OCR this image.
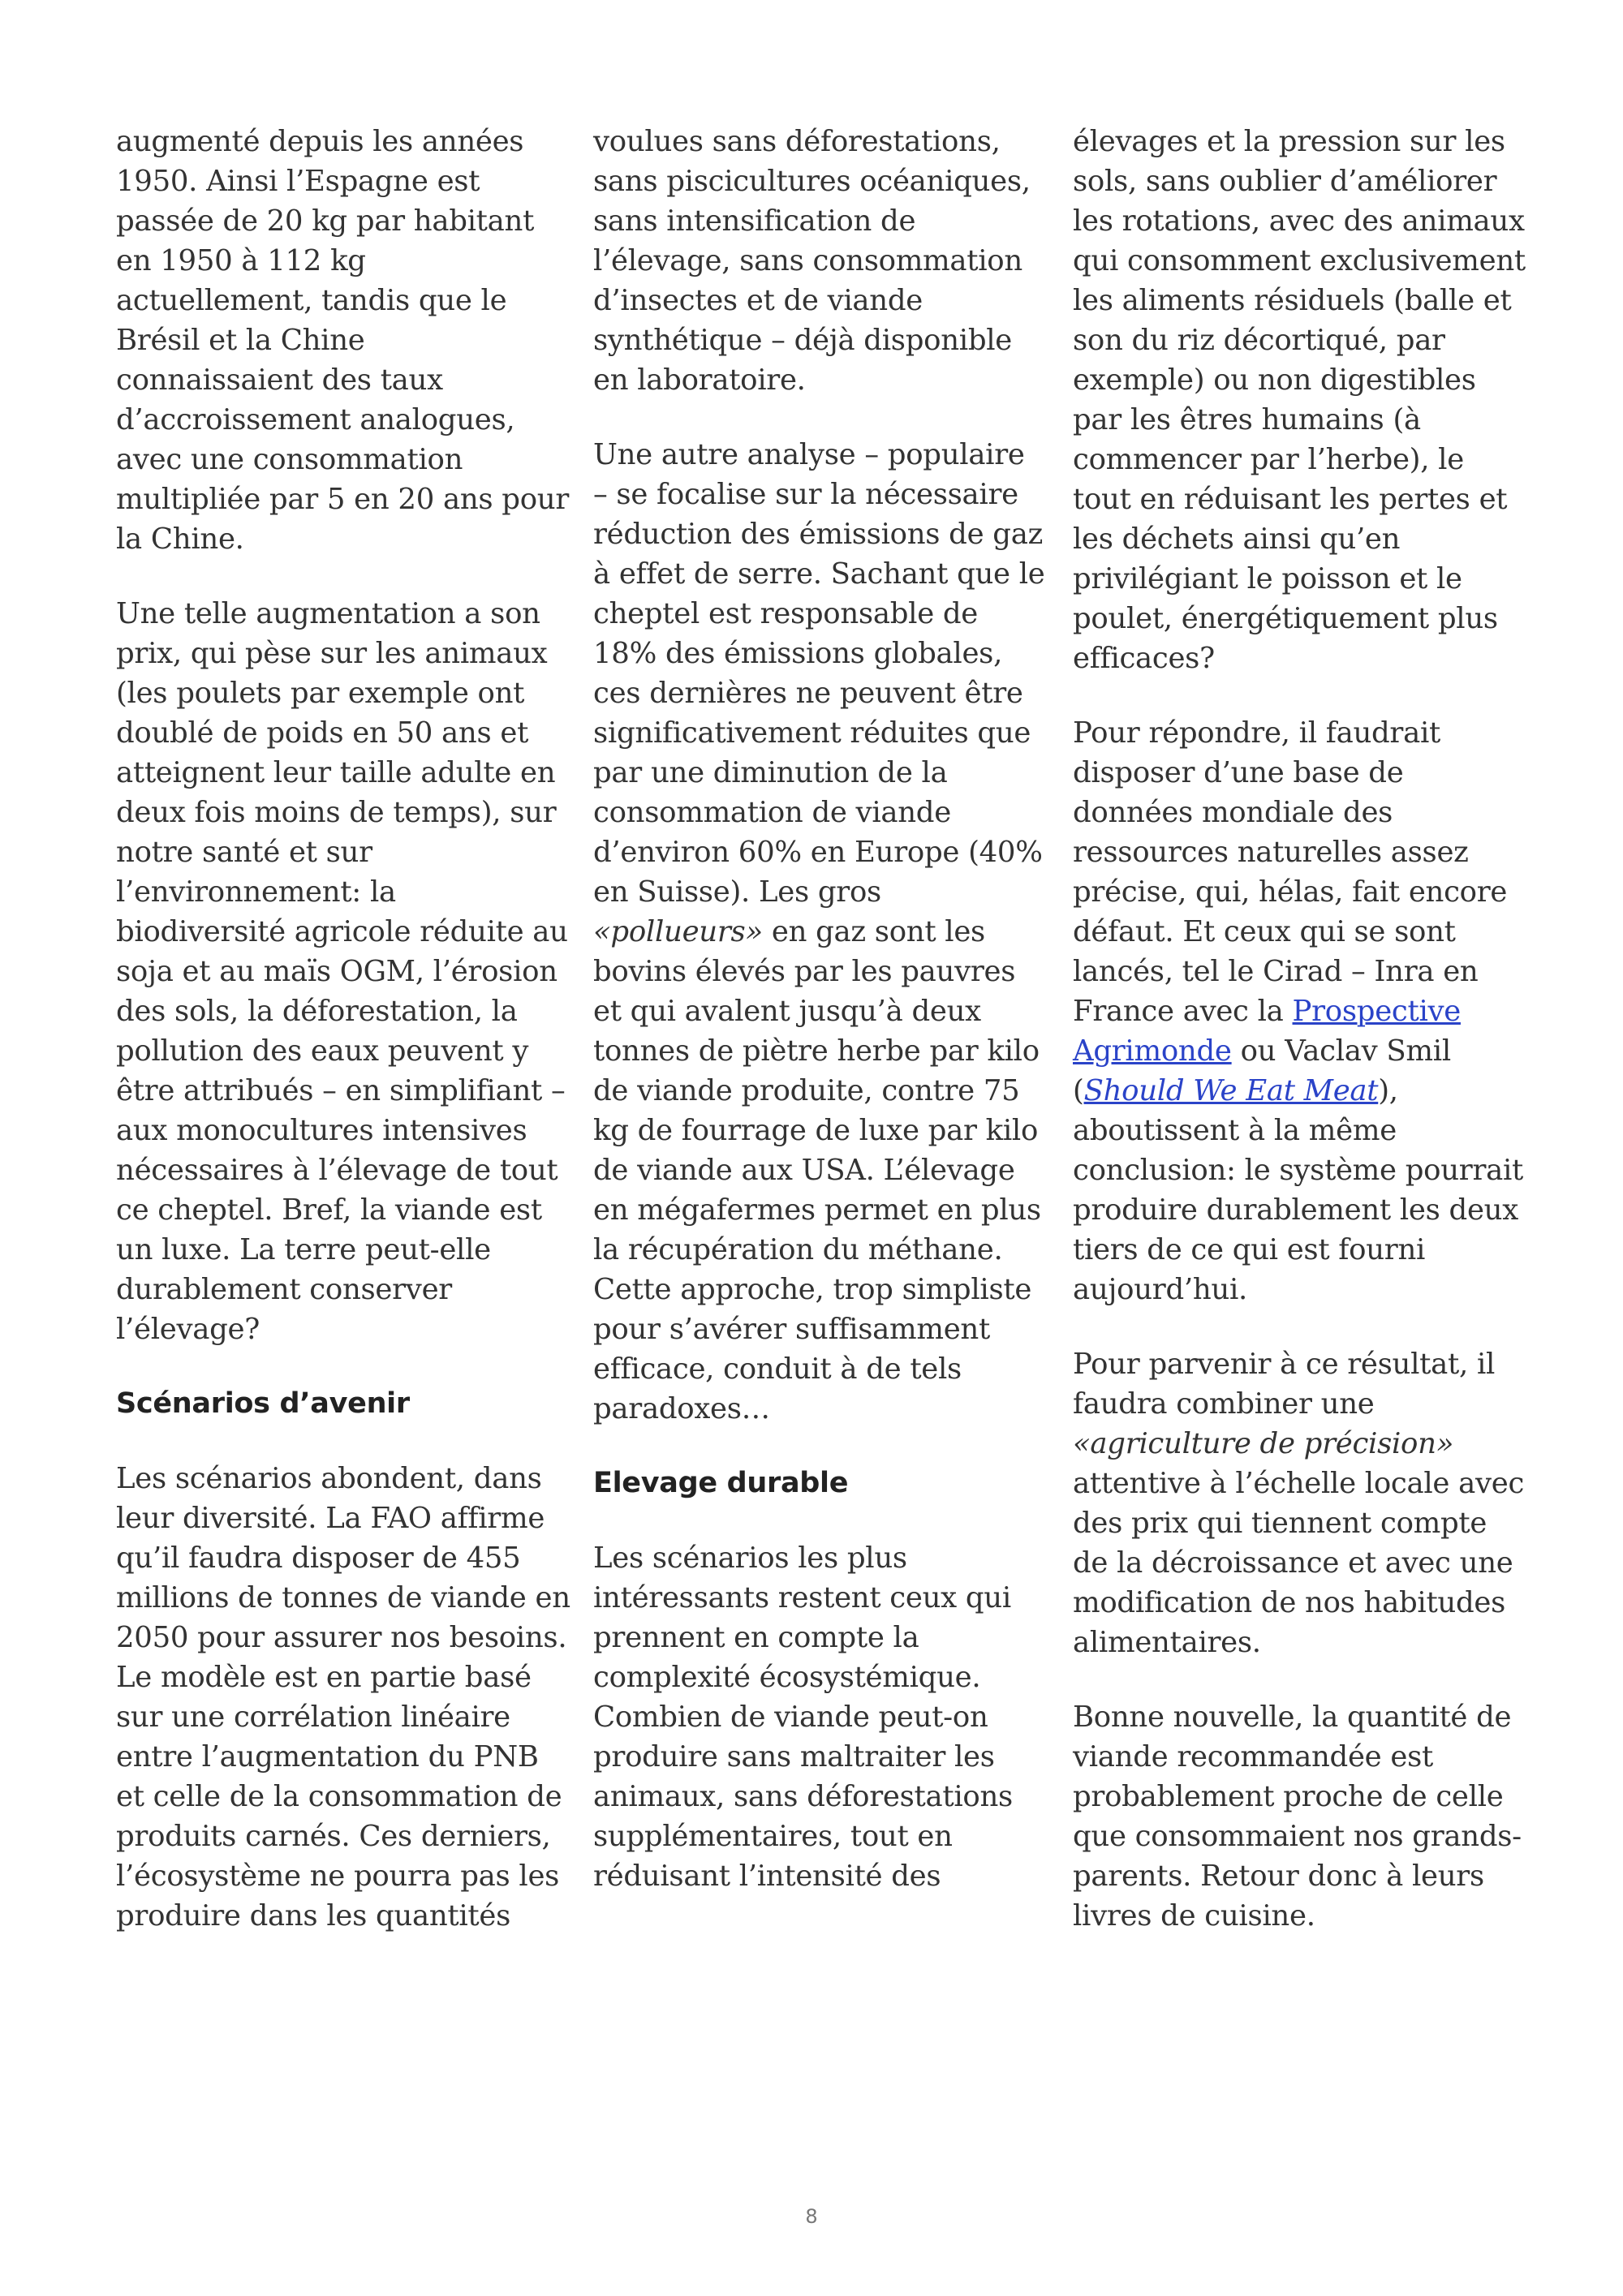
augmenté depuis les années 1950. Ainsi l’Espagne est passée de 20 kg par habitant en 1950 à 112 kg actuellement, tandis que le Brésil et la Chine connaissaient des taux d’accroissement analogues, avec une consommation multipliée par 5 en 20 ans pour la Chine.

Une telle augmentation a son prix, qui pèse sur les animaux (les poulets par exemple ont doublé de poids en 50 ans et atteignent leur taille adulte en deux fois moins de temps), sur notre santé et sur l’environnement: la biodiversité agricole réduite au soja et au maïs OGM, l’érosion des sols, la déforestation, la pollution des eaux peuvent y être attribués – en simplifiant – aux monocultures intensives nécessaires à l’élevage de tout ce cheptel. Bref, la viande est un luxe. La terre peut-elle durablement conserver l’élevage?

Scénarios d’avenir

Les scénarios abondent, dans leur diversité. La FAO affirme qu’il faudra disposer de 455 millions de tonnes de viande en 2050 pour assurer nos besoins. Le modèle est en partie basé sur une corrélation linéaire entre l’augmentation du PNB et celle de la consommation de produits carnés. Ces derniers, l’écosystème ne pourra pas les produire dans les quantités

voulues sans déforestations, sans piscicultures océaniques, sans intensification de l’élevage, sans consommation d’insectes et de viande synthétique – déjà disponible en laboratoire.

Une autre analyse – populaire – se focalise sur la nécessaire réduction des émissions de gaz à effet de serre. Sachant que le cheptel est responsable de 18% des émissions globales, ces dernières ne peuvent être significativement réduites que par une diminution de la consommation de viande d’environ 60% en Europe (40% en Suisse). Les gros «pollueurs» en gaz sont les bovins élevés par les pauvres et qui avalent jusqu’à deux tonnes de piètre herbe par kilo de viande produite, contre 75 kg de fourrage de luxe par kilo de viande aux USA. L’élevage en mégafermes permet en plus la récupération du méthane. Cette approche, trop simpliste pour s’avérer suffisamment efficace, conduit à de tels paradoxes…

Elevage durable

Les scénarios les plus intéressants restent ceux qui prennent en compte la complexité écosystémique. Combien de viande peut-on produire sans maltraiter les animaux, sans déforestations supplémentaires, tout en réduisant l’intensité des

élevages et la pression sur les sols, sans oublier d’améliorer les rotations, avec des animaux qui consomment exclusivement les aliments résiduels (balle et son du riz décortiqué, par exemple) ou non digestibles par les êtres humains (à commencer par l’herbe), le tout en réduisant les pertes et les déchets ainsi qu’en privilégiant le poisson et le poulet, énergétiquement plus efficaces?

Pour répondre, il faudrait disposer d’une base de données mondiale des ressources naturelles assez précise, qui, hélas, fait encore défaut. Et ceux qui se sont lancés, tel le Cirad – Inra en France avec la Prospective Agrimonde ou Vaclav Smil (Should We Eat Meat), aboutissent à la même conclusion: le système pourrait produire durablement les deux tiers de ce qui est fourni aujourd’hui.

Pour parvenir à ce résultat, il faudra combiner une «agriculture de précision» attentive à l’échelle locale avec des prix qui tiennent compte de la décroissance et avec une modification de nos habitudes alimentaires.

Bonne nouvelle, la quantité de viande recommandée est probablement proche de celle que consommaient nos grands-parents. Retour donc à leurs livres de cuisine.

8
